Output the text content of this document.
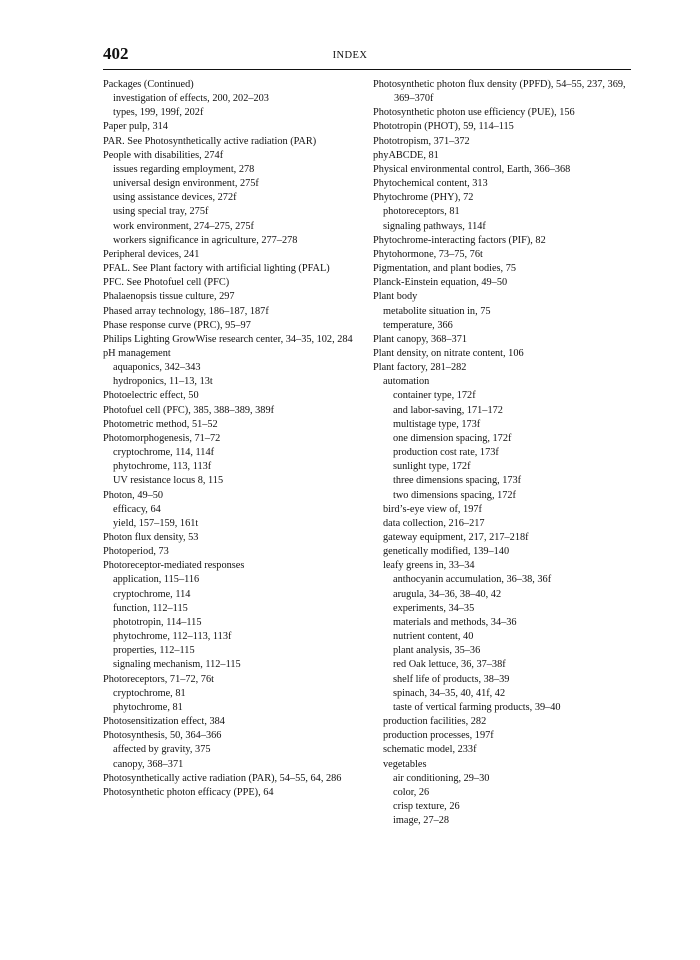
402	INDEX
Packages (Continued)
investigation of effects, 200, 202–203
types, 199, 199f, 202f
Paper pulp, 314
PAR. See Photosynthetically active radiation (PAR)
People with disabilities, 274f
issues regarding employment, 278
universal design environment, 275f
using assistance devices, 272f
using special tray, 275f
work environment, 274–275, 275f
workers significance in agriculture, 277–278
Peripheral devices, 241
PFAL. See Plant factory with artificial lighting (PFAL)
PFC. See Photofuel cell (PFC)
Phalaenopsis tissue culture, 297
Phased array technology, 186–187, 187f
Phase response curve (PRC), 95–97
Philips Lighting GrowWise research center, 34–35, 102, 284
pH management
aquaponics, 342–343
hydroponics, 11–13, 13t
Photoelectric effect, 50
Photofuel cell (PFC), 385, 388–389, 389f
Photometric method, 51–52
Photomorphogenesis, 71–72
cryptochrome, 114, 114f
phytochrome, 113, 113f
UV resistance locus 8, 115
Photon, 49–50
efficacy, 64
yield, 157–159, 161t
Photon flux density, 53
Photoperiod, 73
Photoreceptor-mediated responses
application, 115–116
cryptochrome, 114
function, 112–115
phototropin, 114–115
phytochrome, 112–113, 113f
properties, 112–115
signaling mechanism, 112–115
Photoreceptors, 71–72, 76t
cryptochrome, 81
phytochrome, 81
Photosensitization effect, 384
Photosynthesis, 50, 364–366
affected by gravity, 375
canopy, 368–371
Photosynthetically active radiation (PAR), 54–55, 64, 286
Photosynthetic photon efficacy (PPE), 64
Photosynthetic photon flux density (PPFD), 54–55, 237, 369, 369–370f
Photosynthetic photon use efficiency (PUE), 156
Phototropin (PHOT), 59, 114–115
Phototropism, 371–372
phyABCDE, 81
Physical environmental control, Earth, 366–368
Phytochemical content, 313
Phytochrome (PHY), 72
photoreceptors, 81
signaling pathways, 114f
Phytochrome-interacting factors (PIF), 82
Phytohormone, 73–75, 76t
Pigmentation, and plant bodies, 75
Planck-Einstein equation, 49–50
Plant body
metabolite situation in, 75
temperature, 366
Plant canopy, 368–371
Plant density, on nitrate content, 106
Plant factory, 281–282
automation
container type, 172f
and labor-saving, 171–172
multistage type, 173f
one dimension spacing, 172f
production cost rate, 173f
sunlight type, 172f
three dimensions spacing, 173f
two dimensions spacing, 172f
bird’s-eye view of, 197f
data collection, 216–217
gateway equipment, 217, 217–218f
genetically modified, 139–140
leafy greens in, 33–34
anthocyanin accumulation, 36–38, 36f
arugula, 34–36, 38–40, 42
experiments, 34–35
materials and methods, 34–36
nutrient content, 40
plant analysis, 35–36
red Oak lettuce, 36, 37–38f
shelf life of products, 38–39
spinach, 34–35, 40, 41f, 42
taste of vertical farming products, 39–40
production facilities, 282
production processes, 197f
schematic model, 233f
vegetables
air conditioning, 29–30
color, 26
crisp texture, 26
image, 27–28
